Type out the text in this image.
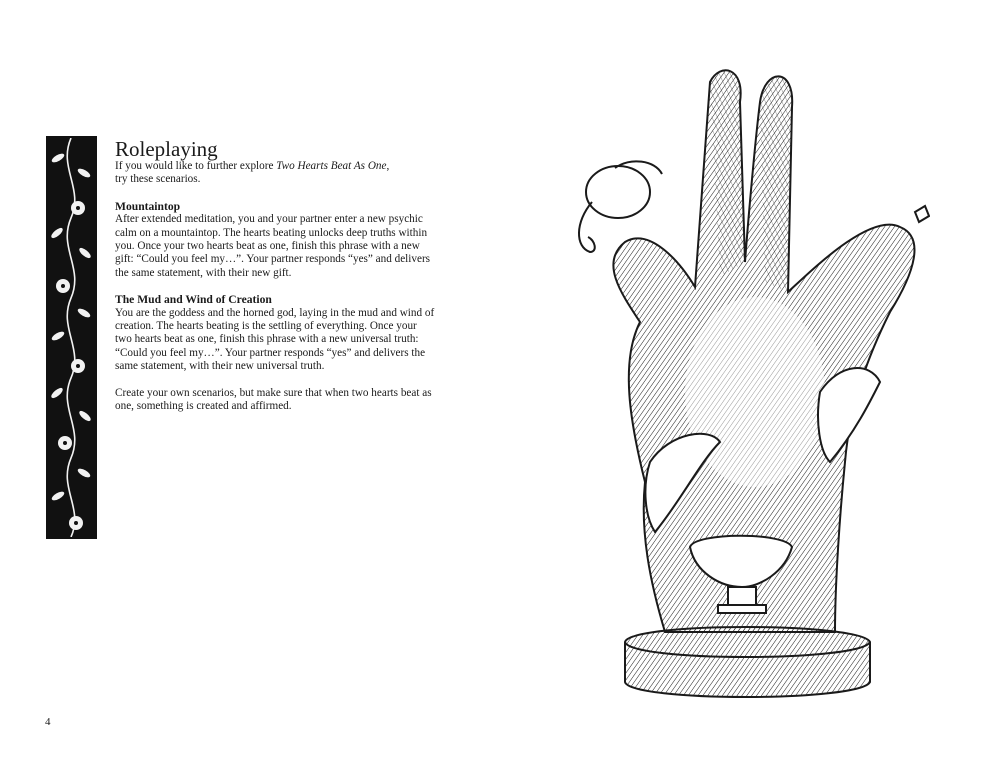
Roleplaying

If you would like to further explore Two Hearts Beat As One,
try these scenarios.

Mountaintop

After extended meditation, you and your partner enter a new psychic calm on a mountaintop. The hearts beating unlocks deep truths within you. Once your two hearts beat as one, finish this phrase with a new gift: “Could you feel my…”. Your partner responds “yes” and delivers the same statement, with their new gift.

The Mud and Wind of Creation

You are the goddess and the horned god, laying in the mud and wind of creation. The hearts beating is the settling of everything. Once your two hearts beat as one, finish this phrase with a new universal truth: “Could you feel my…”. Your partner responds “yes” and delivers the same statement, with their new universal truth.

Create your own scenarios, but make sure that when two hearts beat as one, something is created and affirmed.

4
